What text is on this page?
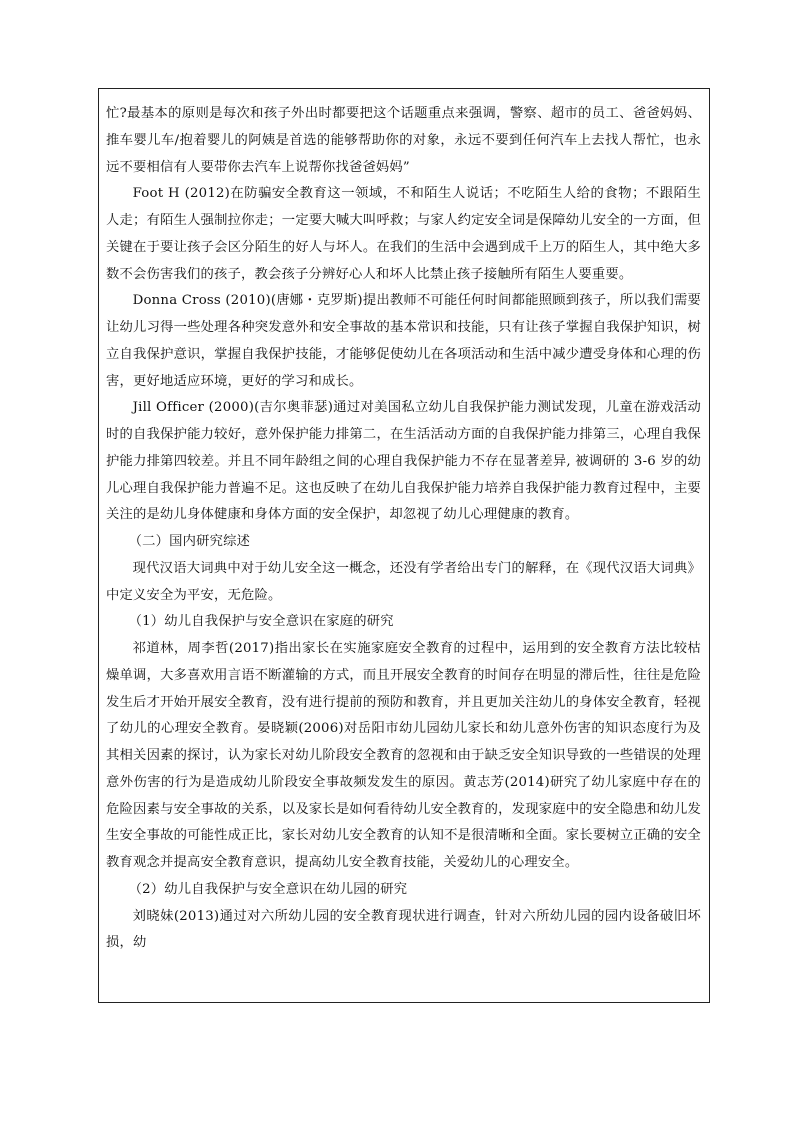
忙?最基本的原则是每次和孩子外出时都要把这个话题重点来强调，警察、超市的员工、爸爸妈妈、推车婴儿车/抱着婴儿的阿姨是首选的能够帮助你的对象，永远不要到任何汽车上去找人帮忙，也永远不要相信有人要带你去汽车上说帮你找爸爸妈妈”

Foot H (2012)在防骗安全教育这一领域，不和陌生人说话；不吃陌生人给的食物；不跟陌生人走；有陌生人强制拉你走；一定要大喊大叫呼救；与家人约定安全词是保障幼儿安全的一方面，但关键在于要让孩子会区分陌生的好人与坏人。在我们的生活中会遇到成千上万的陌生人，其中绝大多数不会伤害我们的孩子，教会孩子分辨好心人和坏人比禁止孩子接触所有陌生人要重要。

Donna Cross (2010)(唐娜・克罗斯)提出教师不可能任何时间都能照顾到孩子，所以我们需要让幼儿习得一些处理各种突发意外和安全事故的基本常识和技能，只有让孩子掌握自我保护知识，树立自我保护意识，掌握自我保护技能，才能够促使幼儿在各项活动和生活中减少遭受身体和心理的伤害，更好地适应环境，更好的学习和成长。

Jill Officer (2000)(吉尔奥菲瑟)通过对美国私立幼儿自我保护能力测试发现，儿童在游戏活动时的自我保护能力较好，意外保护能力排第二，在生活活动方面的自我保护能力排第三，心理自我保护能力排第四较差。并且不同年龄组之间的心理自我保护能力不存在显著差异, 被调研的 3-6 岁的幼儿心理自我保护能力普遍不足。这也反映了在幼儿自我保护能力培养自我保护能力教育过程中，主要关注的是幼儿身体健康和身体方面的安全保护，却忽视了幼儿心理健康的教育。

（二）国内研究综述

现代汉语大词典中对于幼儿安全这一概念，还没有学者给出专门的解释，在《现代汉语大词典》中定义安全为平安，无危险。

（1）幼儿自我保护与安全意识在家庭的研究

祁道林，周李哲(2017)指出家长在实施家庭安全教育的过程中，运用到的安全教育方法比较枯燥单调，大多喜欢用言语不断灌输的方式，而且开展安全教育的时间存在明显的滞后性，往往是危险发生后才开始开展安全教育，没有进行提前的预防和教育，并且更加关注幼儿的身体安全教育，轻视了幼儿的心理安全教育。晏晓颖(2006)对岳阳市幼儿园幼儿家长和幼儿意外伤害的知识态度行为及其相关因素的探讨，认为家长对幼儿阶段安全教育的忽视和由于缺乏安全知识导致的一些错误的处理意外伤害的行为是造成幼儿阶段安全事故频发发生的原因。黄志芳(2014)研究了幼儿家庭中存在的危险因素与安全事故的关系，以及家长是如何看待幼儿安全教育的，发现家庭中的安全隐患和幼儿发生安全事故的可能性成正比，家长对幼儿安全教育的认知不是很清晰和全面。家长要树立正确的安全教育观念并提高安全教育意识，提高幼儿安全教育技能，关爱幼儿的心理安全。

（2）幼儿自我保护与安全意识在幼儿园的研究

刘晓妹(2013)通过对六所幼儿园的安全教育现状进行调查，针对六所幼儿园的园内设备破旧坏损，幼
